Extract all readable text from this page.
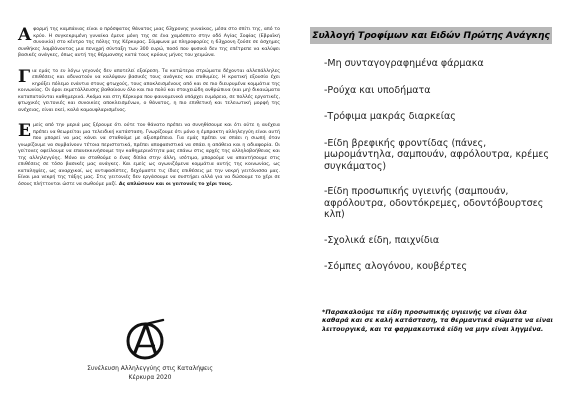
Αφορμή της καμπάνιας είναι ο πρόσφατος θάνατος μιας 63χρονης γυναίκας, μέσα στο σπίτι της, από το κρύο. Η συγκεκριμένη γυναίκα έμενε μόνη της σε ένα χαμόσπιτο στην οδό Αγίας Σοφίας (Εβραϊκή συνοικία) στο κέντρο της πόλης της Κέρκυρας. Σύμφωνα με πληροφορίες η 63χρονη ζούσε σε άσχημες συνθήκες λαμβάνοντας μια πενιχρή σύνταξη των 300 ευρώ, ποσό που φυσικά δεν της επέτρεπε να καλύψει βασικές ανάγκες, όπως αυτή της θέρμανσης κατά τους κρύους μήνες του χειμώνα.

Για εμάς το εν λόγω γεγονός δεν αποτελεί εξαίρεση. Τα κατώτερα στρώματα δέχονται αλλεπάλληλες επιθέσεις και αδυνατούν να καλύψουν βασικές τους ανάγκες και επιθυμίες. Η κρατική εξουσία έχει κηρύξει πόλεμο ενάντια στους φτωχούς, τους αποκλεισμένους από και σε πιο διευρυμένα κομμάτια της κοινωνίας. Οι όροι εκμετάλλευσης βαθαίνουν όλο και πιο πολύ και στοιχειώδη ανθρώπινα (και μη) δικαιώματα καταπατούνται καθημερινά. Ακόμα και στη Κέρκυρα που φαινομενικά υπάρχει ευμάρεια, σε πολλές εργατικές, φτωχικές γειτονιές και συνοικίες αποκλεισμένων, ο θάνατος, η πιο επιθετική και τελειωτική μορφή της ανέχειας, είναι εκεί, καλά καμουφλαρισμένος.

Εμείς από την μεριά μας ξέρουμε ότι ούτε τον θάνατο πρέπει να συνηθίσουμε και ότι ούτε η ανέχεια πρέπει να θεωρείται μια τελειδική κατάσταση. Γνωρίζουμε ότι μόνο η έμπρακτη αλληλεγγύη είναι αυτή που μπορεί να μας κάνει να σταθούμε με αξιοπρέπεια. Για εμάς πρέπει να σπάει η σιωπή όταν γνωρίζουμε να συμβαίνουν τέτοια περιστατικά, πρέπει αποφασιστικά να σπάει η απάθεια και η αδιαφορία. Οι γείτονες οφείλουμε να επανεκκινήσουμε την καθημερινότητα μας επάνω στις αρχές της αλληλοβοήθειας και της αλληλεγγύης. Μόνο αν σταθούμε ο ένας δίπλα στην άλλη, ισότιμα, μπορούμε να απαντήσουμε στις επιθέσεις σε τόσο βασικές μας ανάγκες. Και εμείς ως αγωνιζόμενα κομμάτια αυτής της κοινωνίας, ως καταληψίες, ως αναρχικοί, ως αντιφασίστες, δεχόμαστε τις ίδιες επιθέσεις με την νεκρή γειτόνισσα μας. Είναι μια νεκρή της τάξης μας. Στις γειτονιές δεν εργάσουμε να συστήρει αλλά για να δώσουμε το χέρι σε όσους πλήττονται ώστε να σωθούμε μαζί. Ας απλώσουν και οι γειτονιές το χέρι τους.

Συνέλευση Αλληλεγγύης στις Καταλήψεις
Κέρκυρα 2020
Συλλογή Τροφίμων και Ειδών Πρώτης Ανάγκης
-Μη συνταγογραφημένα φάρμακα
-Ρούχα και υποδήματα
-Τρόφιμα μακράς διαρκείας
-Είδη βρεφικής φροντίδας (πάνες, μωρομάντηλα, σαμπουάν, αφρόλουτρα, κρέμες συγκάματος)
-Είδη προσωπικής υγιεινής (σαμπουάν, αφρόλουτρα, οδοντόκρεμες, οδοντόβουρτσες κλπ)
-Σχολικά είδη, παιχνίδια
-Σόμπες αλογόνου, κουβέρτες
*Παρακαλούμε τα είδη προσωπικής υγιεινής να είναι όλα καθαρά και σε καλή κατάσταση, τα θερμαντικά σώματα να είναι λειτουργικά, και τα φαρμακευτικά είδη να μην είναι ληγμένα.
